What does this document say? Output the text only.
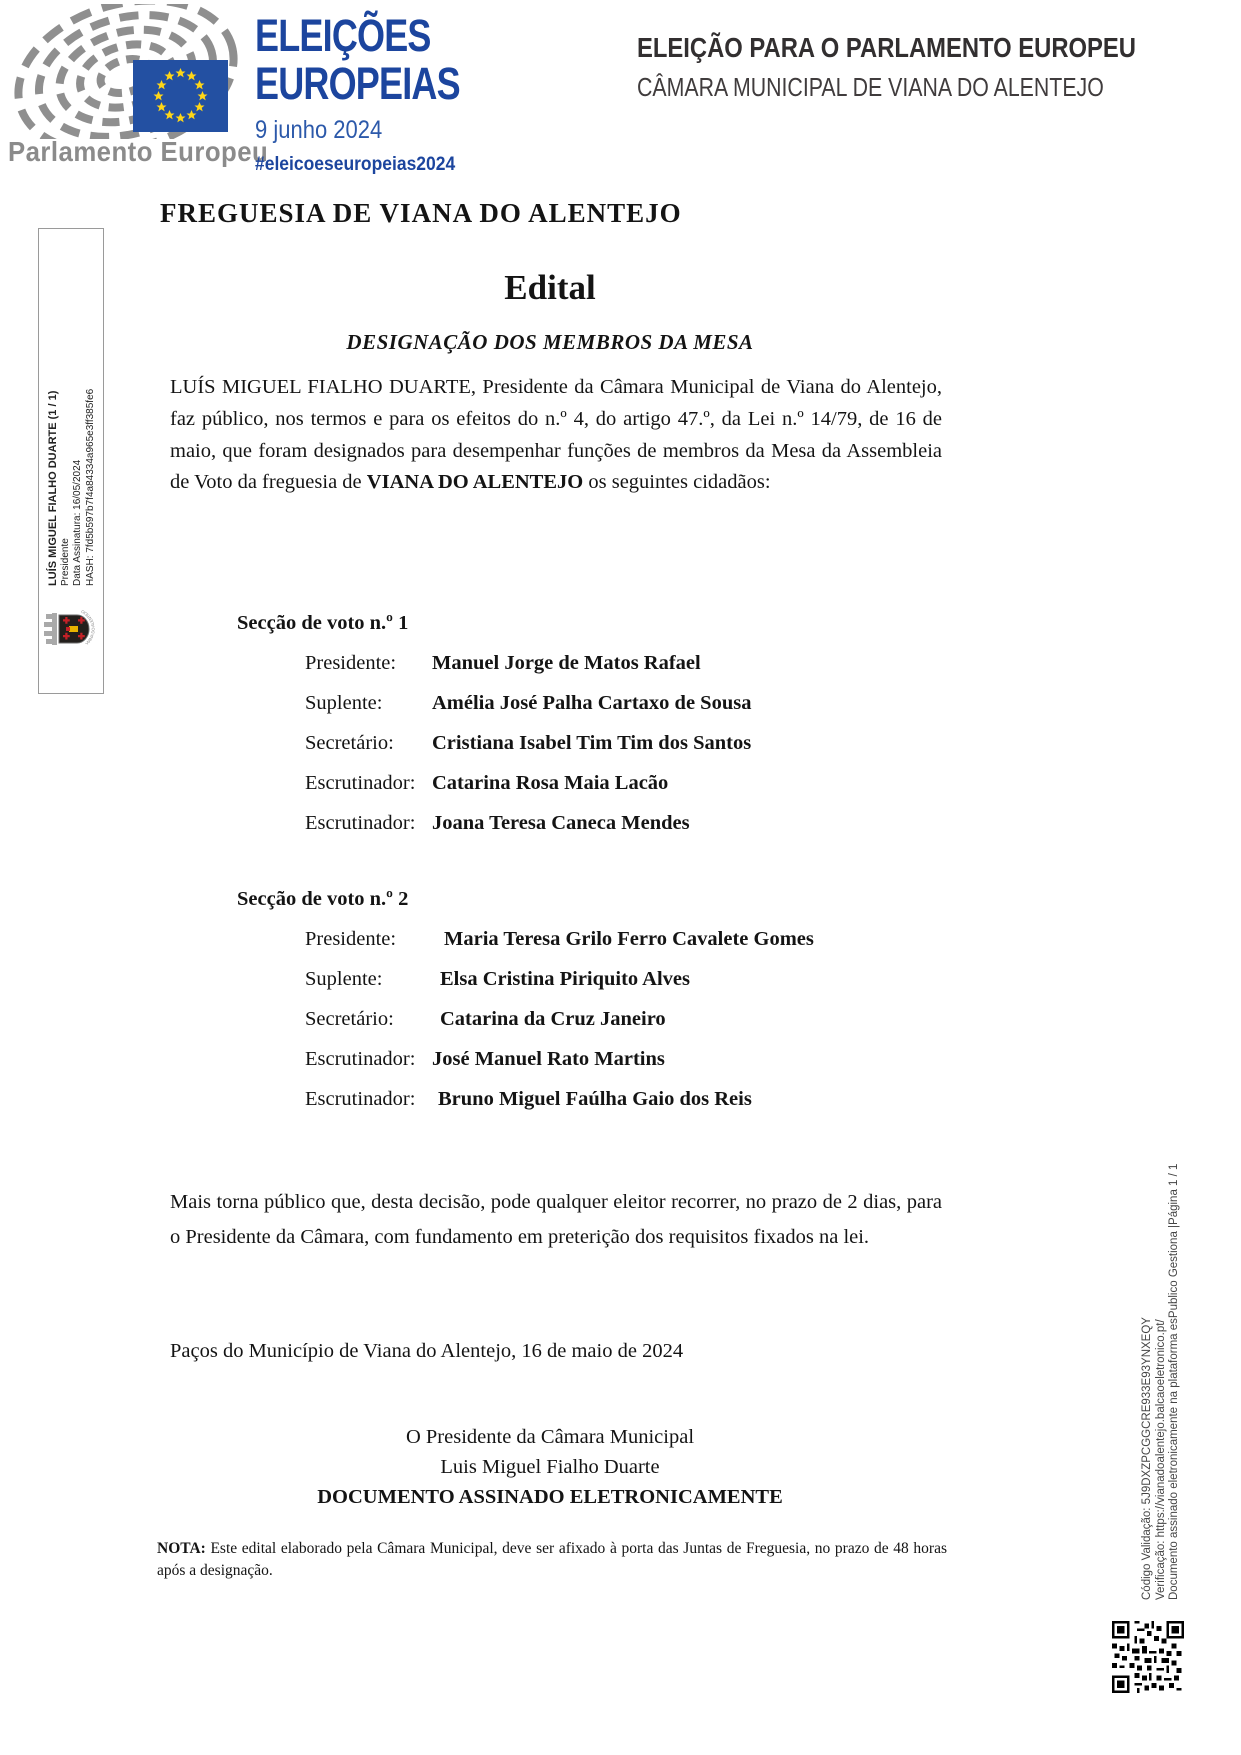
Parlamento Europeu
ELEIÇÕES
EUROPEIAS
9 junho 2024
#eleicoeseuropeias2024
ELEIÇÃO PARA O PARLAMENTO EUROPEU
CÂMARA MUNICIPAL DE VIANA DO ALENTEJO
LUÍS MIGUEL FIALHO DUARTE (1 / 1) Presidente Data Assinatura: 16/05/2024 HASH: 7fd5b597b7f4a84334a965e3ff385fe6
VIANA DO ALENTEJO
FREGUESIA DE VIANA DO ALENTEJO
Edital
DESIGNAÇÃO DOS MEMBROS DA MESA
LUÍS MIGUEL FIALHO DUARTE, Presidente da Câmara Municipal de Viana do Alentejo, faz público, nos termos e para os efeitos do n.º 4, do artigo 47.º, da Lei n.º 14/79, de 16 de maio, que foram designados para desempenhar funções de membros da Mesa da Assembleia de Voto da freguesia de VIANA DO ALENTEJO os seguintes cidadãos:
Secção de voto n.º 1
Presidente:	Manuel Jorge de Matos Rafael
Suplente:	Amélia José Palha Cartaxo de Sousa
Secretário:	Cristiana Isabel Tim Tim dos Santos
Escrutinador: Catarina Rosa Maia Lacão
Escrutinador: Joana Teresa Caneca Mendes
Secção de voto n.º 2
Presidente:	Maria Teresa Grilo Ferro Cavalete Gomes
Suplente:	Elsa Cristina Piriquito Alves
Secretário:	Catarina da Cruz Janeiro
Escrutinador: José Manuel Rato Martins
Escrutinador:	Bruno Miguel Faúlha Gaio dos Reis
Mais torna público que, desta decisão, pode qualquer eleitor recorrer, no prazo de 2 dias, para o Presidente da Câmara, com fundamento em preterição dos requisitos fixados na lei.
Paços do Município de Viana do Alentejo, 16 de maio de 2024
O Presidente da Câmara Municipal
Luis Miguel Fialho Duarte
DOCUMENTO ASSINADO ELETRONICAMENTE
NOTA: Este edital elaborado pela Câmara Municipal, deve ser afixado à porta das Juntas de Freguesia, no prazo de 48 horas após a designação.	Código Validação: 5J9DXZPCGGCRE933E93YNXEQY Verificação: https://vianadoalentejo.balcaoeletronico.pt/ Documento assinado eletronicamente na plataforma esPublico Gestiona |Página 1 / 1
